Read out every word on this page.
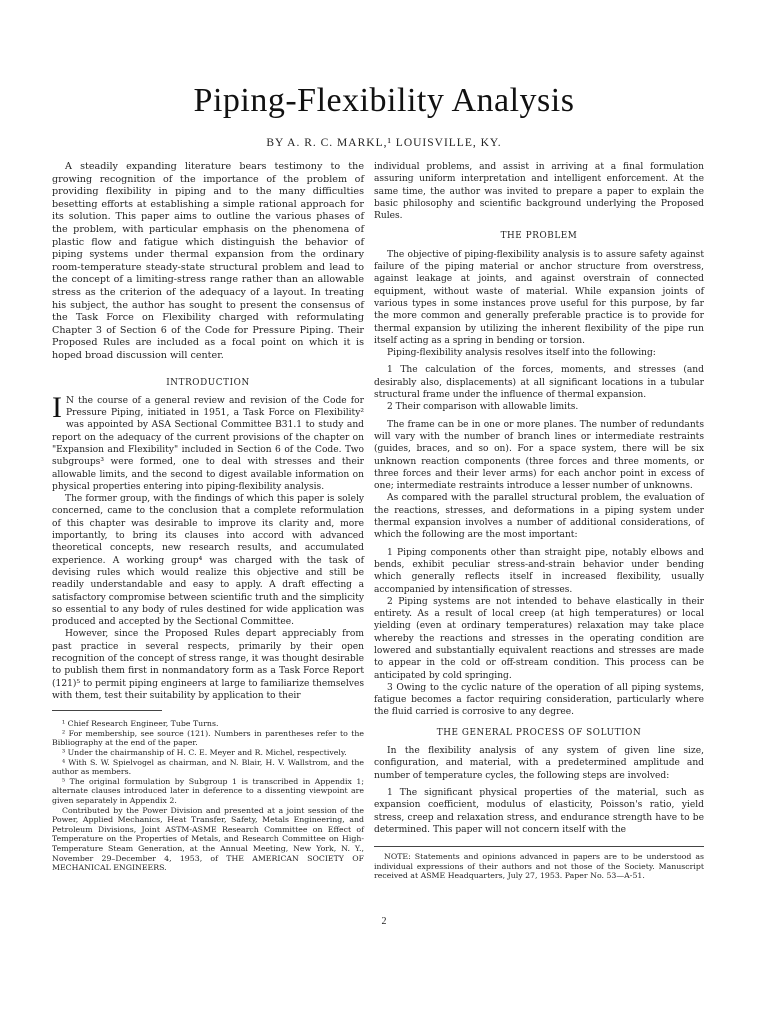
Piping-Flexibility Analysis
BY A. R. C. MARKL,¹ LOUISVILLE, KY.

A steadily expanding literature bears testimony to the growing recognition of the importance of the problem of providing flexibility in piping and to the many difficulties besetting efforts at establishing a simple rational approach for its solution. This paper aims to outline the various phases of the problem, with particular emphasis on the phenomena of plastic flow and fatigue which distinguish the behavior of piping systems under thermal expansion from the ordinary room-temperature steady-state structural problem and lead to the concept of a limiting-stress range rather than an allowable stress as the criterion of the adequacy of a layout. In treating his subject, the author has sought to present the consensus of the Task Force on Flexibility charged with reformulating Chapter 3 of Section 6 of the Code for Pressure Piping. Their Proposed Rules are included as a focal point on which it is hoped broad discussion will center.

INTRODUCTION

I N the course of a general review and revision of the Code for Pressure Piping, initiated in 1951, a Task Force on Flexibility² was appointed by ASA Sectional Committee B31.1 to study and report on the adequacy of the current provisions of the chapter on "Expansion and Flexibility" included in Section 6 of the Code. Two subgroups³ were formed, one to deal with stresses and their allowable limits, and the second to digest available information on physical properties entering into piping-flexibility analysis.

The former group, with the findings of which this paper is solely concerned, came to the conclusion that a complete reformulation of this chapter was desirable to improve its clarity and, more importantly, to bring its clauses into accord with advanced theoretical concepts, new research results, and accumulated experience. A working group⁴ was charged with the task of devising rules which would realize this objective and still be readily understandable and easy to apply. A draft effecting a satisfactory compromise between scientific truth and the simplicity so essential to any body of rules destined for wide application was produced and accepted by the Sectional Committee.

However, since the Proposed Rules depart appreciably from past practice in several respects, primarily by their open recognition of the concept of stress range, it was thought desirable to publish them first in nonmandatory form as a Task Force Report (121)⁵ to permit piping engineers at large to familiarize themselves with them, test their suitability by application to their

¹ Chief Research Engineer, Tube Turns.

² For membership, see source (121). Numbers in parentheses refer to the Bibliography at the end of the paper.

³ Under the chairmanship of H. C. E. Meyer and R. Michel, respectively.

⁴ With S. W. Spielvogel as chairman, and N. Blair, H. V. Wallstrom, and the author as members.

⁵ The original formulation by Subgroup 1 is transcribed in Appendix 1; alternate clauses introduced later in deference to a dissenting viewpoint are given separately in Appendix 2.

Contributed by the Power Division and presented at a joint session of the Power, Applied Mechanics, Heat Transfer, Safety, Metals Engineering, and Petroleum Divisions, Joint ASTM-ASME Research Committee on Effect of Temperature on the Properties of Metals, and Research Committee on High-Temperature Steam Generation, at the Annual Meeting, New York, N. Y., November 29–December 4, 1953, of THE AMERICAN SOCIETY OF MECHANICAL ENGINEERS.

individual problems, and assist in arriving at a final formulation assuring uniform interpretation and intelligent enforcement. At the same time, the author was invited to prepare a paper to explain the basic philosophy and scientific background underlying the Proposed Rules.

THE PROBLEM

The objective of piping-flexibility analysis is to assure safety against failure of the piping material or anchor structure from overstress, against leakage at joints, and against overstrain of connected equipment, without waste of material. While expansion joints of various types in some instances prove useful for this purpose, by far the more common and generally preferable practice is to provide for thermal expansion by utilizing the inherent flexibility of the pipe run itself acting as a spring in bending or torsion.

Piping-flexibility analysis resolves itself into the following:

1 The calculation of the forces, moments, and stresses (and desirably also, displacements) at all significant locations in a tubular structural frame under the influence of thermal expansion.

2 Their comparison with allowable limits.

The frame can be in one or more planes. The number of redundants will vary with the number of branch lines or intermediate restraints (guides, braces, and so on). For a space system, there will be six unknown reaction components (three forces and three moments, or three forces and their lever arms) for each anchor point in excess of one; intermediate restraints introduce a lesser number of unknowns.

As compared with the parallel structural problem, the evaluation of the reactions, stresses, and deformations in a piping system under thermal expansion involves a number of additional considerations, of which the following are the most important:

1 Piping components other than straight pipe, notably elbows and bends, exhibit peculiar stress-and-strain behavior under bending which generally reflects itself in increased flexibility, usually accompanied by intensification of stresses.

2 Piping systems are not intended to behave elastically in their entirety. As a result of local creep (at high temperatures) or local yielding (even at ordinary temperatures) relaxation may take place whereby the reactions and stresses in the operating condition are lowered and substantially equivalent reactions and stresses are made to appear in the cold or off-stream condition. This process can be anticipated by cold springing.

3 Owing to the cyclic nature of the operation of all piping systems, fatigue becomes a factor requiring consideration, particularly where the fluid carried is corrosive to any degree.

THE GENERAL PROCESS OF SOLUTION

In the flexibility analysis of any system of given line size, configuration, and material, with a predetermined amplitude and number of temperature cycles, the following steps are involved:

1 The significant physical properties of the material, such as expansion coefficient, modulus of elasticity, Poisson's ratio, yield stress, creep and relaxation stress, and endurance strength have to be determined. This paper will not concern itself with the

NOTE: Statements and opinions advanced in papers are to be understood as individual expressions of their authors and not those of the Society. Manuscript received at ASME Headquarters, July 27, 1953. Paper No. 53—A-51.

2
